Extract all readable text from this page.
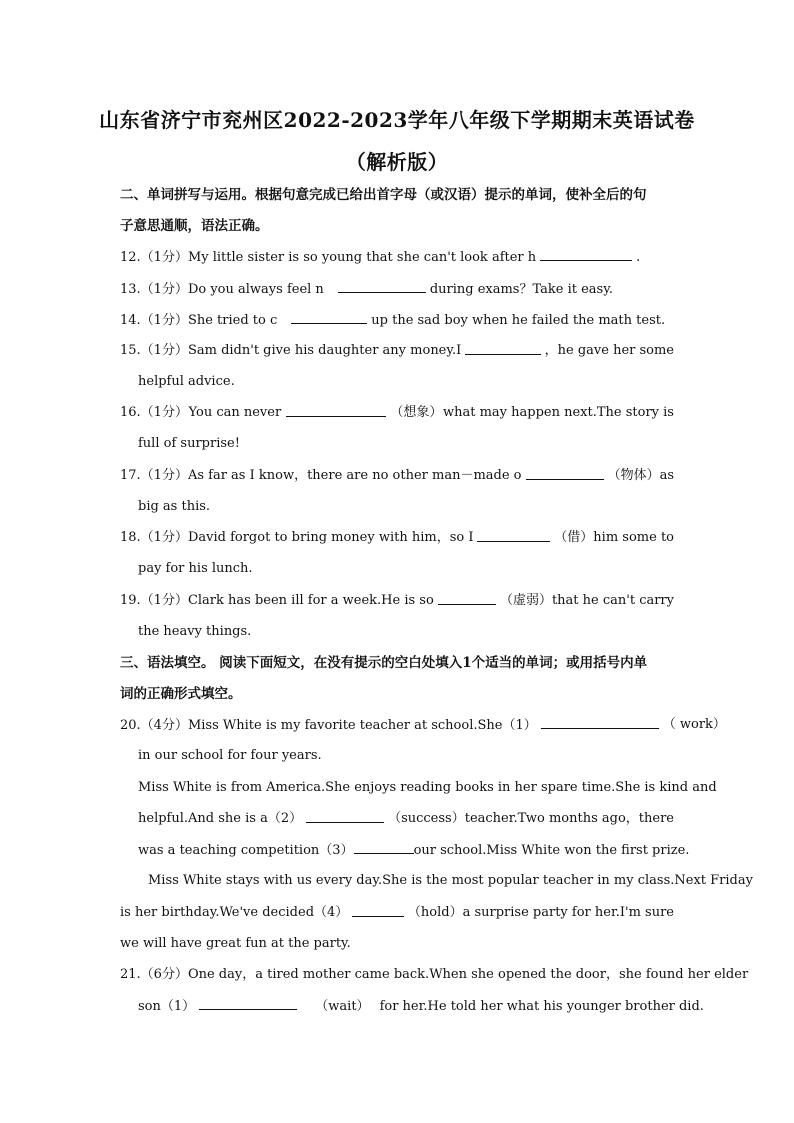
山东省济宁市兖州区2022-2023学年八年级下学期期末英语试卷
（解析版）
二、单词拼写与运用。根据句意完成已给出首字母（或汉语）提示的单词，使补全后的句
子意思通顺，语法正确。
12.（1分）My little sister is so young that she can't look after h	.
13.（1分）Do you always feel n	during exams？Take it easy.
14.（1分）She tried to c	up the sad boy when he failed the math test.
15.（1分） Sam didn't give his daughter any money.I	，he gave her some
helpful advice.
16.（1分） You can never	（想象） what may happen next.The story is
full of surprise!
17.（1分） As far as I know，there are no other man－made o	（物体） as
big as this.
18.（1分） David forgot to bring money with him，so I	（借） him some to
pay for his lunch.
19.（1分） Clark has been ill for a week.He is so	（虚弱） that he can't carry
the heavy things.
三、语法填空。 阅读下面短文，在没有提示的空白处填入1个适当的单词；或用括号内单
词的正确形式填空。
20.（4分）Miss White is my favorite teacher at school.She（1）	（ work）
in our school for four years.
Miss White is from America.She enjoys reading books in her spare time.She is kind and
helpful.And she is a（2）	（success） teacher.Two months ago，there
was a teaching competition（3）	our school.Miss White won the first prize.
Miss White stays with us every day.She is the most popular teacher in my class.Next Friday
is her birthday.We've decided（4）	（hold） a surprise party for her.I'm sure
we will have great fun at the party.
21.（6分）One day，a tired mother came back.When she opened the door，she found her elder
son（1）	（wait） for her.He told her what his younger brother did.
